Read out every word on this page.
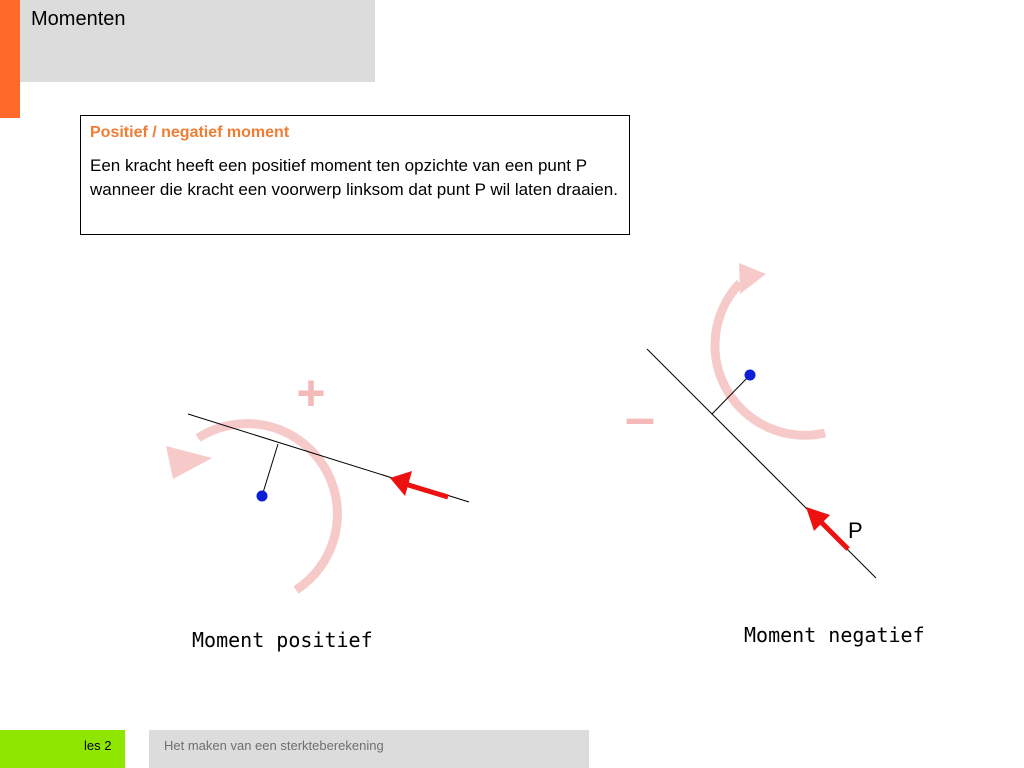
Momenten
Positief / negatief moment
Een kracht heeft een positief moment ten opzichte van een punt P wanneer die kracht een voorwerp linksom dat punt P wil laten draaien.
+	–
P
Moment positief	Moment negatief
les 2	Het maken van een sterkteberekening
